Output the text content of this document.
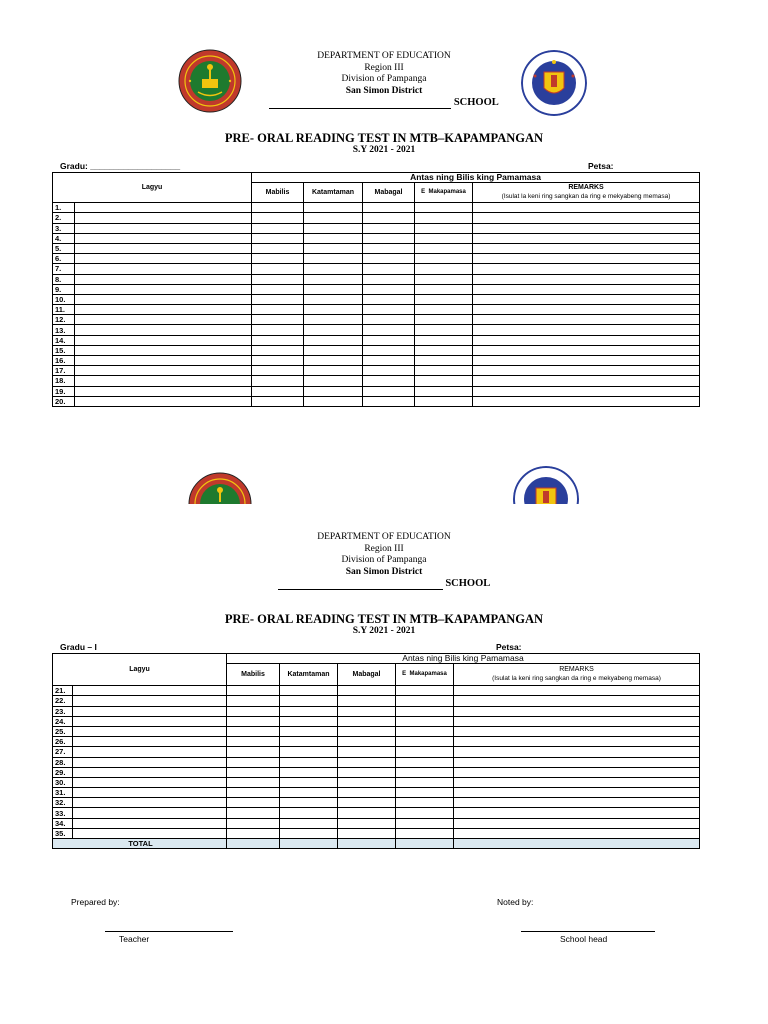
DEPARTMENT OF EDUCATION
Region III
Division of Pampanga
San Simon District
SCHOOL
PRE- ORAL READING TEST IN MTB–KAPAMPANGAN
S.Y 2021 - 2021
Gradu: ___________________	Petsa:
Lagyu		Antas ning Bilis king Pamamasa				
		Mabilis	Katamtaman	Mabagal	E Makapamasa	REMARKS
(Isulat la keni ring sangkan da ring e mekyabeng memasa)
1.						
2.						
3.						
4.						
5.						
6.						
7.						
8.						
9.						
10.						
11.						
12.						
13.						
14.						
15.						
16.						
17.						
18.						
19.						
20.						
DEPARTMENT OF EDUCATION
Region III
Division of Pampanga
San Simon District
SCHOOL
PRE- ORAL READING TEST IN MTB–KAPAMPANGAN
S.Y 2021 - 2021
Gradu – I	Petsa:
Lagyu		Antas ning Bilis king Pamamasa				
		Mabilis	Katamtaman	Mabagal	E Makapamasa	REMARKS
(Isulat la keni ring sangkan da ring e mekyabeng memasa)
21.						
22.						
23.						
24.						
25.						
26.						
27.						
28.						
29.						
30.						
31.						
32.						
33.						
34.						
35.						
TOTAL						
Prepared by:	Noted by:
Teacher	School head
